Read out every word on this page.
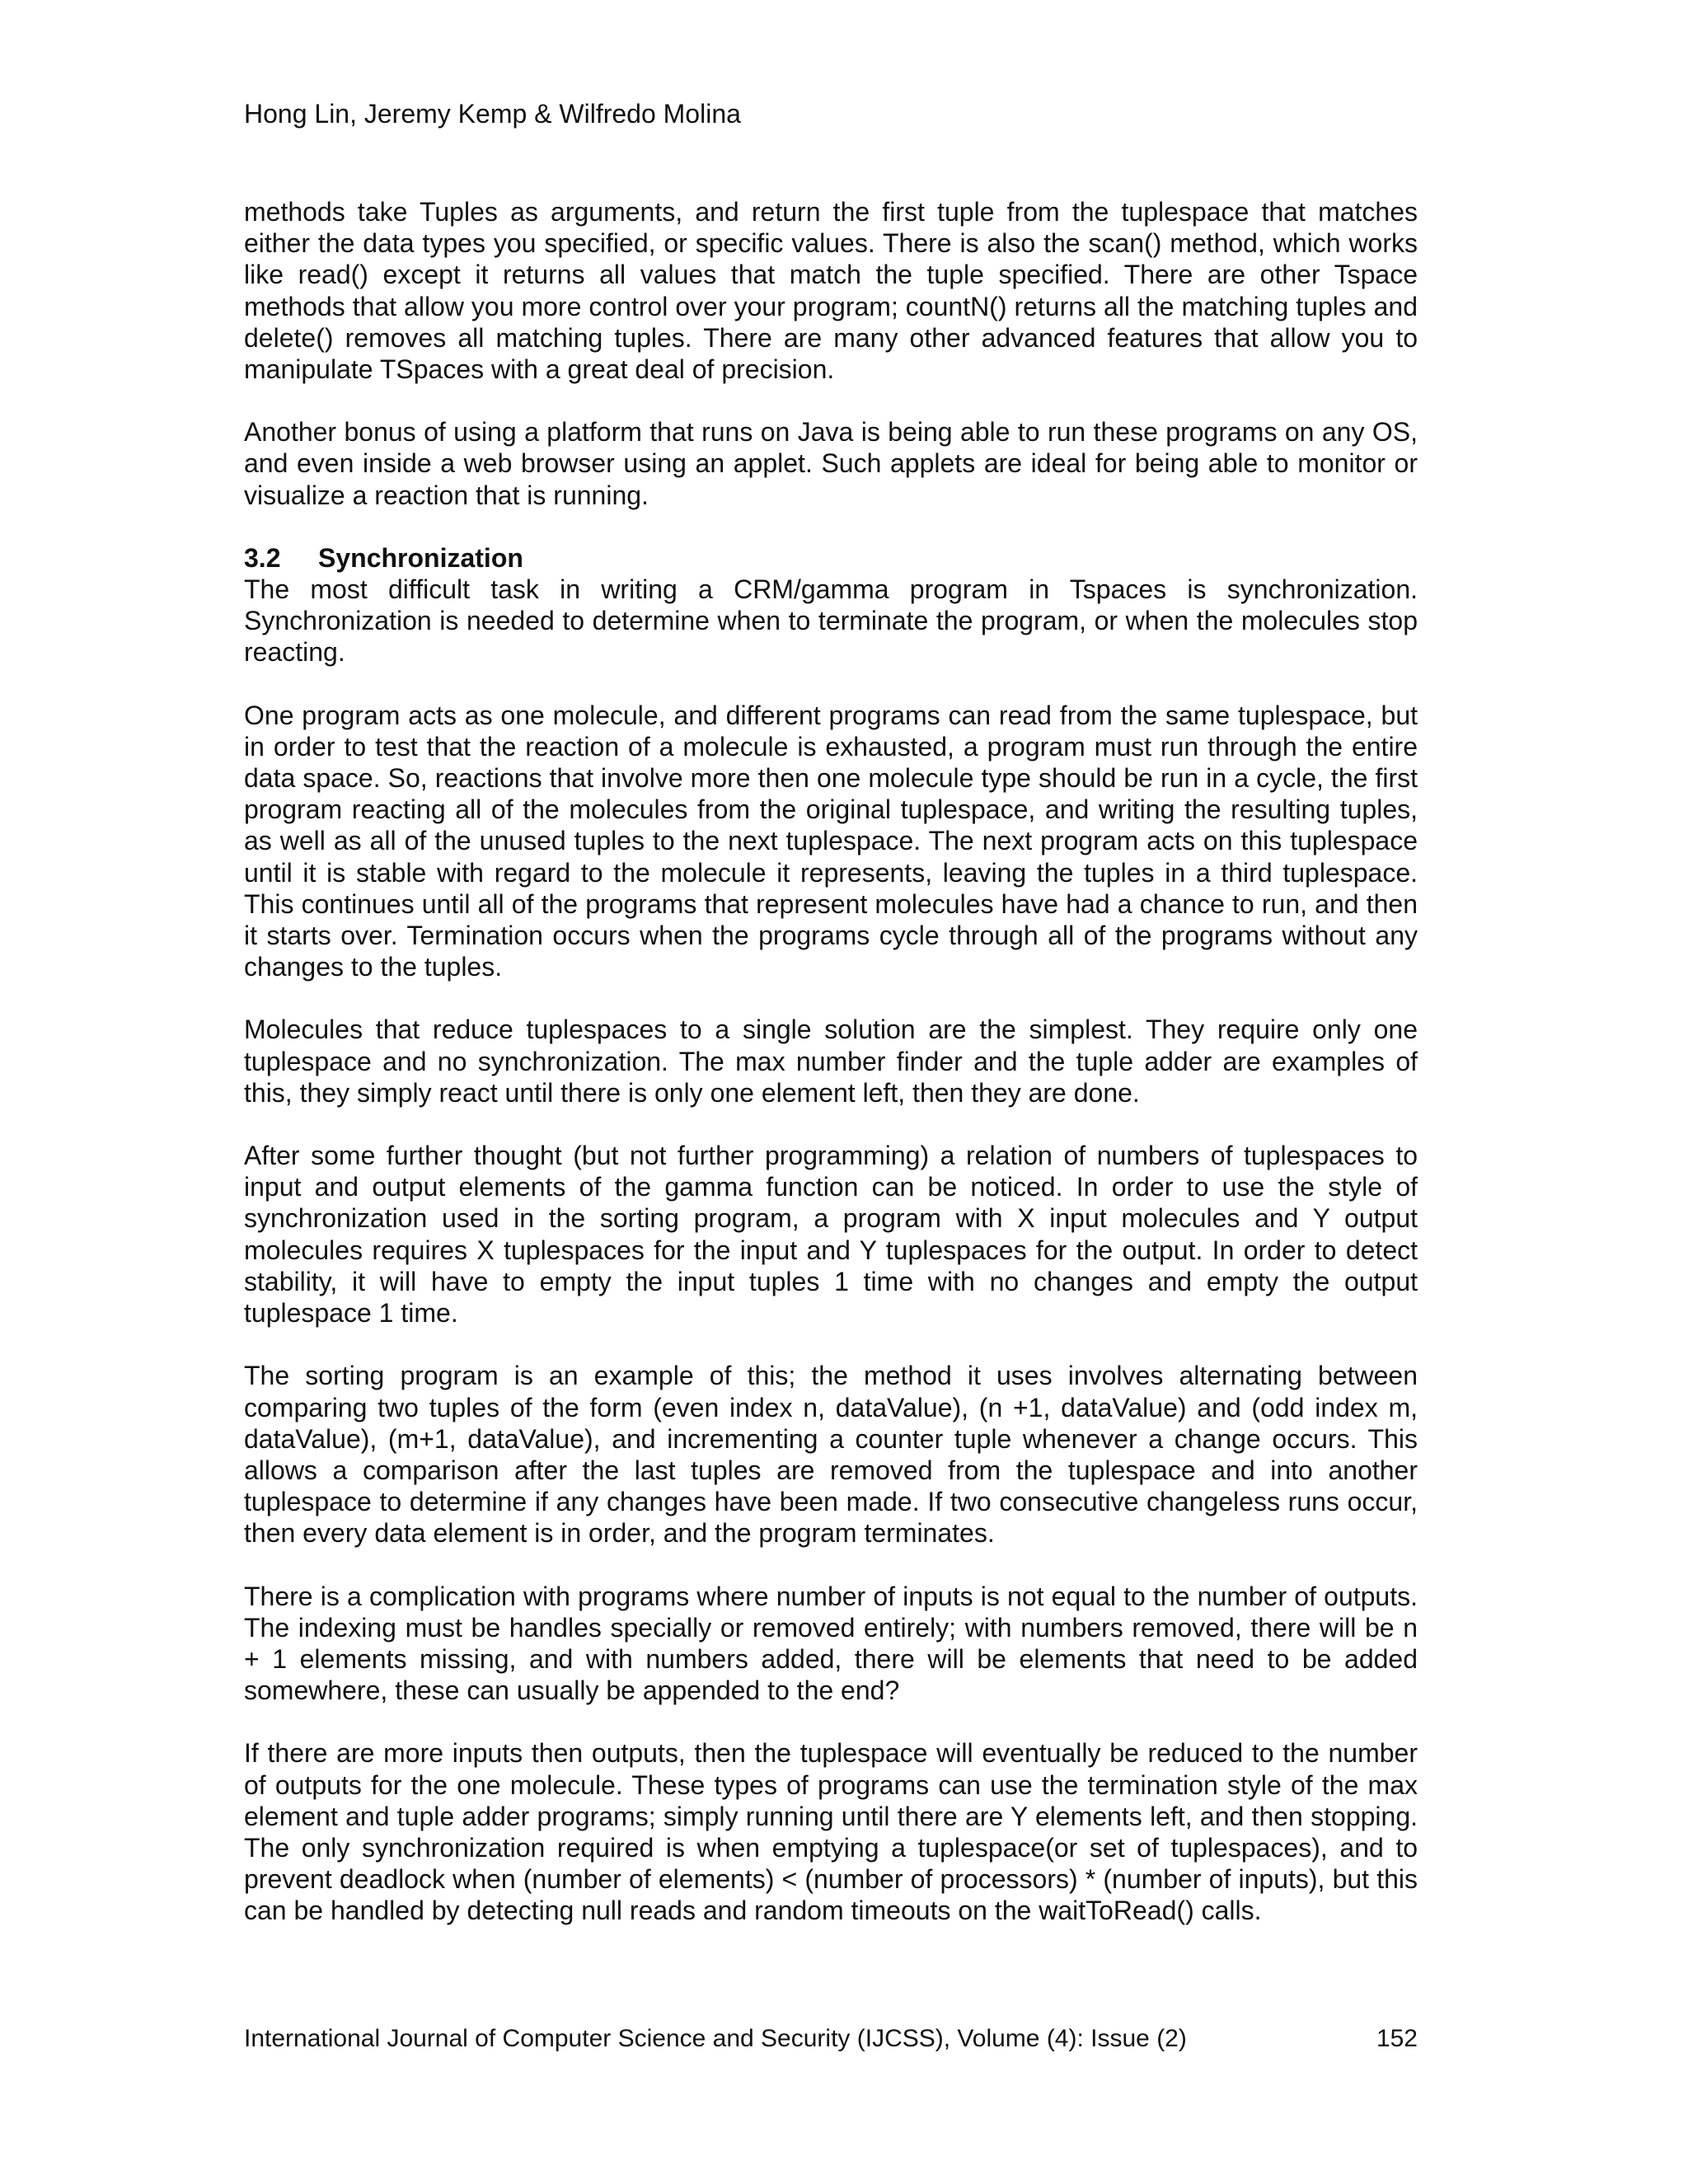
Hong Lin, Jeremy Kemp & Wilfredo Molina

methods take Tuples as arguments, and return the first tuple from the tuplespace that matches either the data types you specified, or specific values. There is also the scan() method, which works like read() except it returns all values that match the tuple specified. There are other Tspace methods that allow you more control over your program; countN() returns all the matching tuples and delete() removes all matching tuples. There are many other advanced features that allow you to manipulate TSpaces with a great deal of precision.

Another bonus of using a platform that runs on Java is being able to run these programs on any OS, and even inside a web browser using an applet. Such applets are ideal for being able to monitor or visualize a reaction that is running.

3.2	Synchronization

The most difficult task in writing a CRM/gamma program in Tspaces is synchronization. Synchronization is needed to determine when to terminate the program, or when the molecules stop reacting.

One program acts as one molecule, and different programs can read from the same tuplespace, but in order to test that the reaction of a molecule is exhausted, a program must run through the entire data space. So, reactions that involve more then one molecule type should be run in a cycle, the first program reacting all of the molecules from the original tuplespace, and writing the resulting tuples, as well as all of the unused tuples to the next tuplespace. The next program acts on this tuplespace until it is stable with regard to the molecule it represents, leaving the tuples in a third tuplespace. This continues until all of the programs that represent molecules have had a chance to run, and then it starts over. Termination occurs when the programs cycle through all of the programs without any changes to the tuples.

Molecules that reduce tuplespaces to a single solution are the simplest. They require only one tuplespace and no synchronization. The max number finder and the tuple adder are examples of this, they simply react until there is only one element left, then they are done.

After some further thought (but not further programming) a relation of numbers of tuplespaces to input and output elements of the gamma function can be noticed. In order to use the style of synchronization used in the sorting program, a program with X input molecules and Y output molecules requires X tuplespaces for the input and Y tuplespaces for the output. In order to detect stability, it will have to empty the input tuples 1 time with no changes and empty the output tuplespace 1 time.

The sorting program is an example of this; the method it uses involves alternating between comparing two tuples of the form (even index n, dataValue), (n +1, dataValue) and (odd index m, dataValue), (m+1, dataValue), and incrementing a counter tuple whenever a change occurs. This allows a comparison after the last tuples are removed from the tuplespace and into another tuplespace to determine if any changes have been made. If two consecutive changeless runs occur, then every data element is in order, and the program terminates.

There is a complication with programs where number of inputs is not equal to the number of outputs. The indexing must be handles specially or removed entirely; with numbers removed, there will be n + 1 elements missing, and with numbers added, there will be elements that need to be added somewhere, these can usually be appended to the end?

If there are more inputs then outputs, then the tuplespace will eventually be reduced to the number of outputs for the one molecule. These types of programs can use the termination style of the max element and tuple adder programs; simply running until there are Y elements left, and then stopping. The only synchronization required is when emptying a tuplespace(or set of tuplespaces), and to prevent deadlock when (number of elements) < (number of processors) * (number of inputs), but this can be handled by detecting null reads and random timeouts on the waitToRead() calls.

International Journal of Computer Science and Security (IJCSS), Volume (4): Issue (2)	152
